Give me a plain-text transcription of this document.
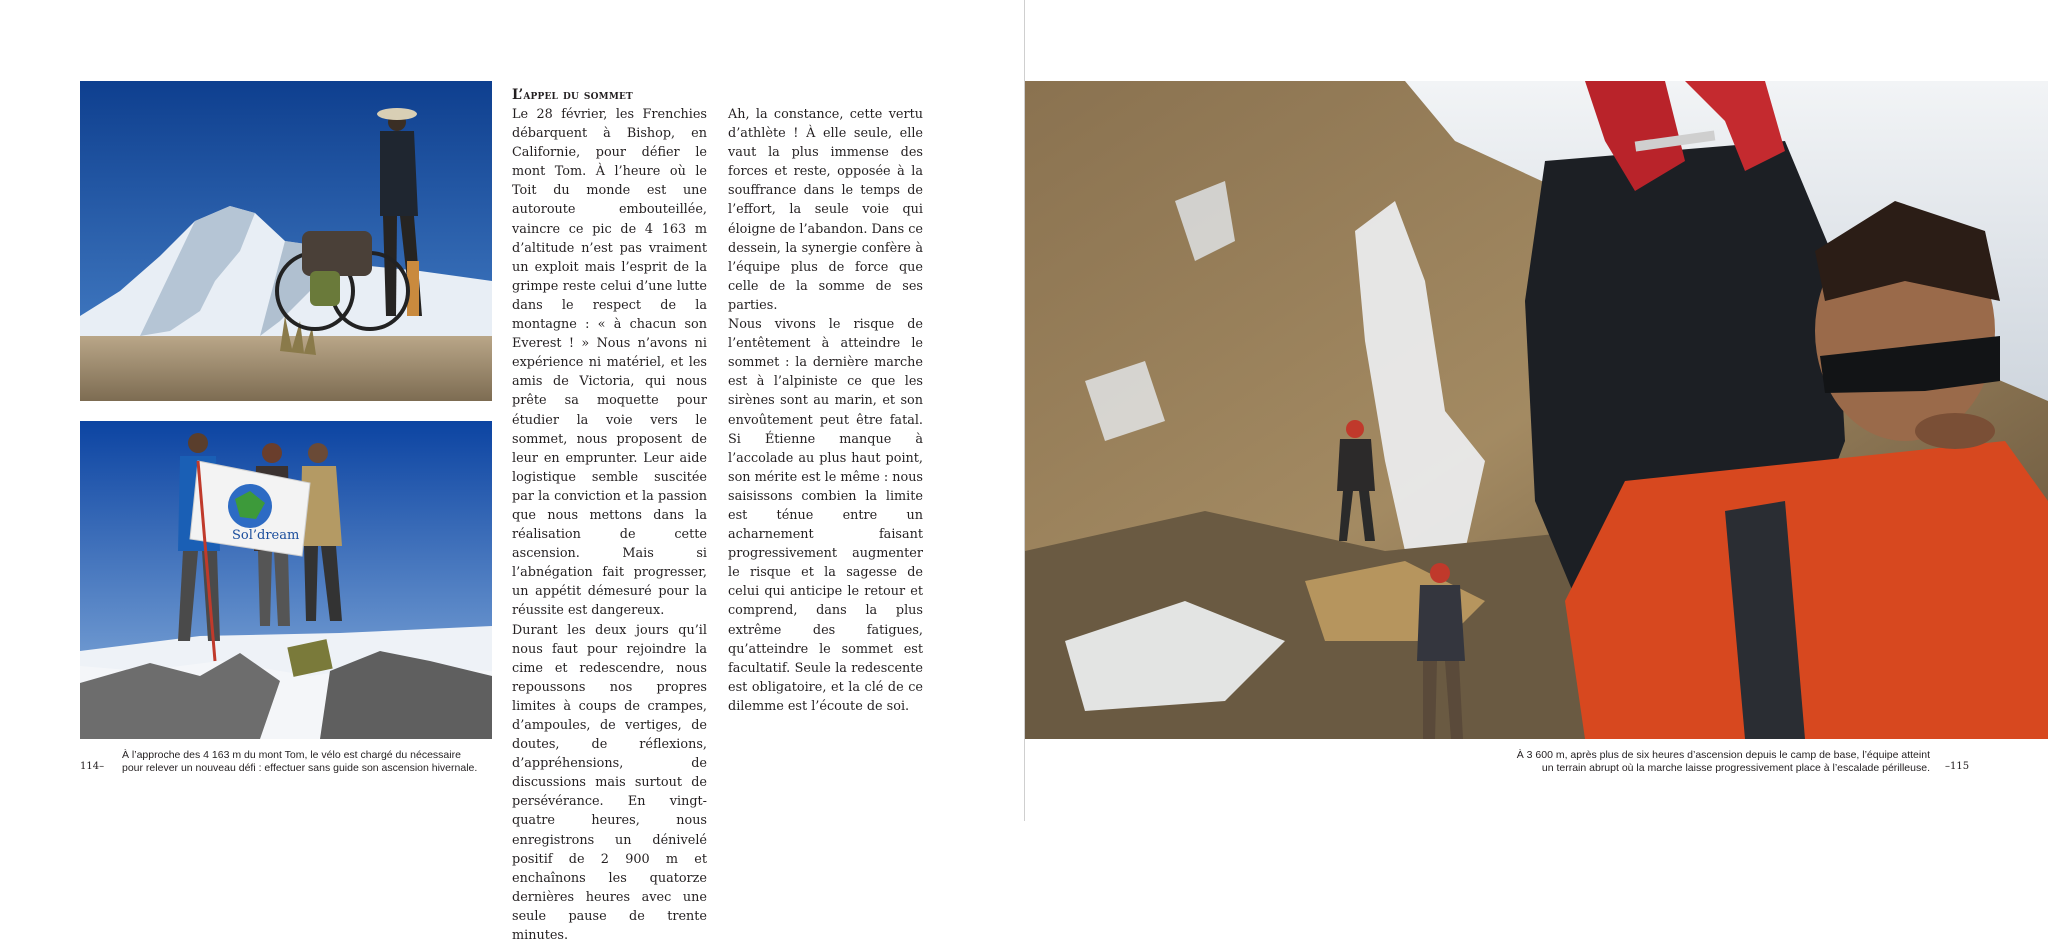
Sol’dream
L’appel du sommet

Le 28 février, les Frenchies débarquent à Bishop, en Californie, pour défier le mont Tom. À l’heure où le Toit du monde est une autoroute embouteillée, vaincre ce pic de 4 163 m d’altitude n’est pas vraiment un exploit mais l’esprit de la grimpe reste celui d’une lutte dans le respect de la montagne : « à chacun son Everest ! » Nous n’avons ni expérience ni matériel, et les amis de Victoria, qui nous prête sa moquette pour étudier la voie vers le sommet, nous proposent de leur en emprunter. Leur aide logistique semble suscitée par la conviction et la passion que nous mettons dans la réalisation de cette ascension. Mais si l’abnégation fait progresser, un appétit démesuré pour la réussite est dangereux.

Durant les deux jours qu’il nous faut pour rejoindre la cime et redescendre, nous repoussons nos propres limites à coups de crampes, d’ampoules, de vertiges, de doutes, de réflexions, d’appréhensions, de discussions mais surtout de persévérance. En vingt-quatre heures, nous enregistrons un dénivelé positif de 2 900 m et enchaînons les quatorze dernières heures avec une seule pause de trente minutes.

Ah, la constance, cette vertu d’athlète ! À elle seule, elle vaut la plus immense des forces et reste, opposée à la souffrance dans le temps de l’effort, la seule voie qui éloigne de l’abandon. Dans ce dessein, la synergie confère à l’équipe plus de force que celle de la somme de ses parties.

Nous vivons le risque de l’entêtement à atteindre le sommet : la dernière marche est à l’alpiniste ce que les sirènes sont au marin, et son envoûtement peut être fatal. Si Étienne manque à l’accolade au plus haut point, son mérite est le même : nous saisissons combien la limite est ténue entre un acharnement faisant progressivement augmenter le risque et la sagesse de celui qui anticipe le retour et comprend, dans la plus extrême des fatigues, qu’atteindre le sommet est facultatif. Seule la redescente est obligatoire, et la clé de ce dilemme est l’écoute de soi.

114–
À l’approche des 4 163 m du mont Tom, le vélo est chargé du nécessaire
pour relever un nouveau défi : effectuer sans guide son ascension hivernale.
À 3 600 m, après plus de six heures d’ascension depuis le camp de base, l’équipe atteint
un terrain abrupt où la marche laisse progressivement place à l’escalade périlleuse. –115
